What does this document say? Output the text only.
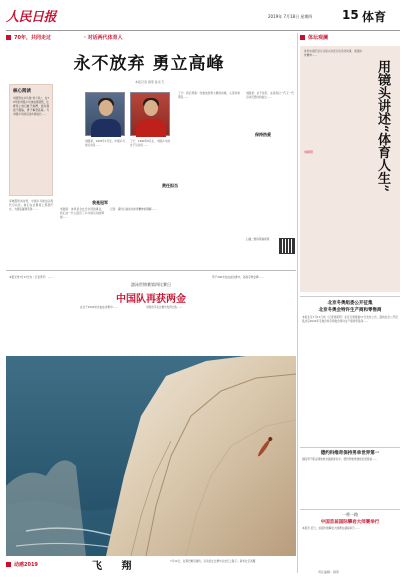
人民日报	2019年 7月18日 星期四 15 体育
70年，共同走过	· 对话两代体育人
永不放弃 勇立高峰
本报记者 薛原 孙龙飞
核心阅读
中国男女乒乓球“老少队”，在70年里中国乒乓球成绩斐然，比赛场上他们敢于拼搏，面对强敌不服输，勇于攀登高峰。与中国乒乓球运动共同成长……
李晓霞和刘诗雯，中国乒乓球女队两代运动员。她们在比赛场上挥洒汗水，为国家赢得荣誉……
刘国梁，1976年1月生，中国乒乓球运动员……
丁宁，1990年6月生，中国乒乓球女子运动员……
我是冠军
责任担当
保持热爱
刘国梁：体育是全社会共同的事业，我们这一代人经历了乒乓球运动的辉煌……
丁宁：我记得第一次参加世界大赛的时候，心里非常紧张……
记者：请你们谈谈对体育精神的理解……
刘国梁：永不放弃，这是我们一代又一代运动员坚持的信念……
扫描二维码观看视频
体坛观澜
体育电视纪录片以镜头讲述运动员的故事，展现体育精神……
刘硕阳	用镜头讲述“体育人生”
本报光州7月17日电（记者季芳）……	男子200米自由泳决赛中，孙杨夺得金牌……
游泳世锦赛第四比赛日
中国队再获两金
在女子1500米自由泳决赛中……	中国选手在比赛中发挥出色……
动感2019	飞 翔	7月14日，在黎巴嫩贝鲁特，运动员在比赛中从岩石上跳下。新华社记者摄
北京冬奥组委公开征集
北京冬奥会特许生产商和零售商
本报北京7月17日电（记者刘硕阳）北京冬奥组委17日发布公告，面向社会公开征集北京2022年冬奥会和冬残奥会特许生产商和零售商……
德约科维奇保持男单世界第一
国际男子职业网球协会最新排名中，德约科维奇继续位居榜首……
一带一路
中国首届国际攀岩大师赛举行
本报讯 近日，首届中国攀岩大师赛在湖南举行……
责任编辑：薛原
